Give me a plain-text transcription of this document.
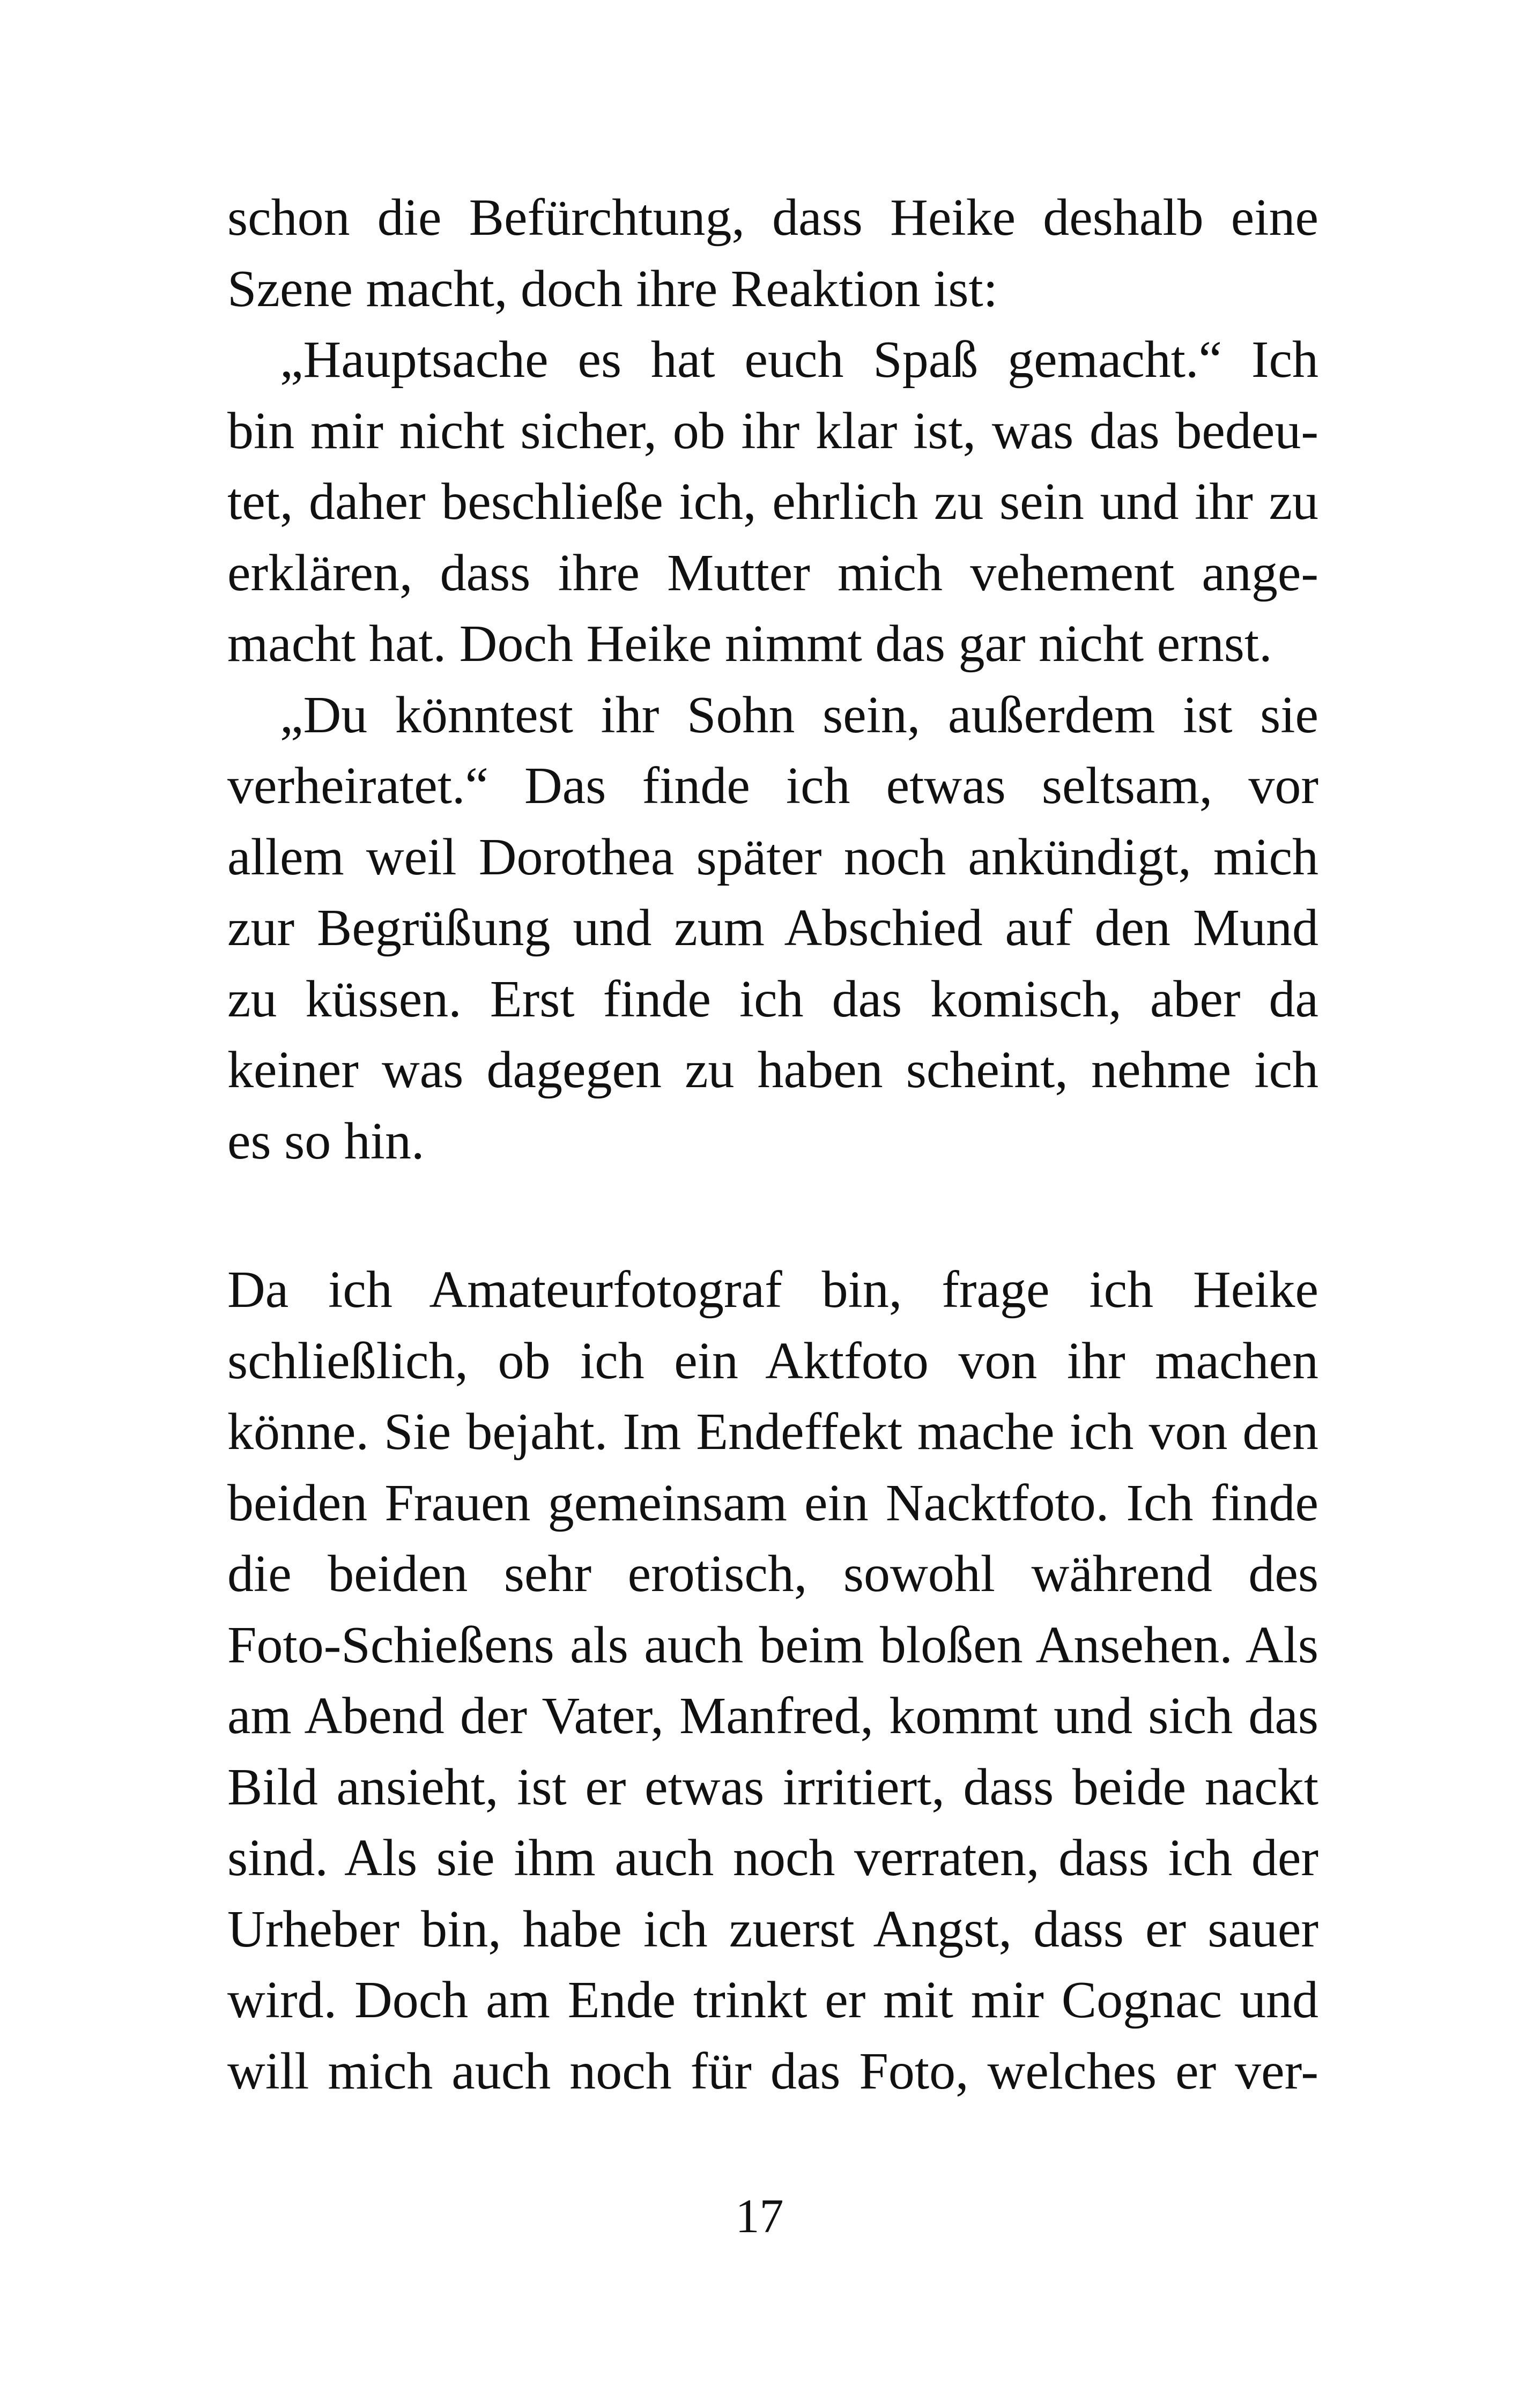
schon die Befürchtung, dass Heike deshalb eine
Szene macht, doch ihre Reaktion ist:
„Hauptsache es hat euch Spaß gemacht.“ Ich
bin mir nicht sicher, ob ihr klar ist, was das bedeu-
tet, daher beschließe ich, ehrlich zu sein und ihr zu
erklären, dass ihre Mutter mich vehement ange-
macht hat. Doch Heike nimmt das gar nicht ernst.
„Du könntest ihr Sohn sein, außerdem ist sie
verheiratet.“ Das finde ich etwas seltsam, vor
allem weil Dorothea später noch ankündigt, mich
zur Begrüßung und zum Abschied auf den Mund
zu küssen. Erst finde ich das komisch, aber da
keiner was dagegen zu haben scheint, nehme ich
es so hin.
Da ich Amateurfotograf bin, frage ich Heike
schließlich, ob ich ein Aktfoto von ihr machen
könne. Sie bejaht. Im Endeffekt mache ich von den
beiden Frauen gemeinsam ein Nacktfoto. Ich finde
die beiden sehr erotisch, sowohl während des
Foto-Schießens als auch beim bloßen Ansehen. Als
am Abend der Vater, Manfred, kommt und sich das
Bild ansieht, ist er etwas irritiert, dass beide nackt
sind. Als sie ihm auch noch verraten, dass ich der
Urheber bin, habe ich zuerst Angst, dass er sauer
wird. Doch am Ende trinkt er mit mir Cognac und
will mich auch noch für das Foto, welches er ver-
17
